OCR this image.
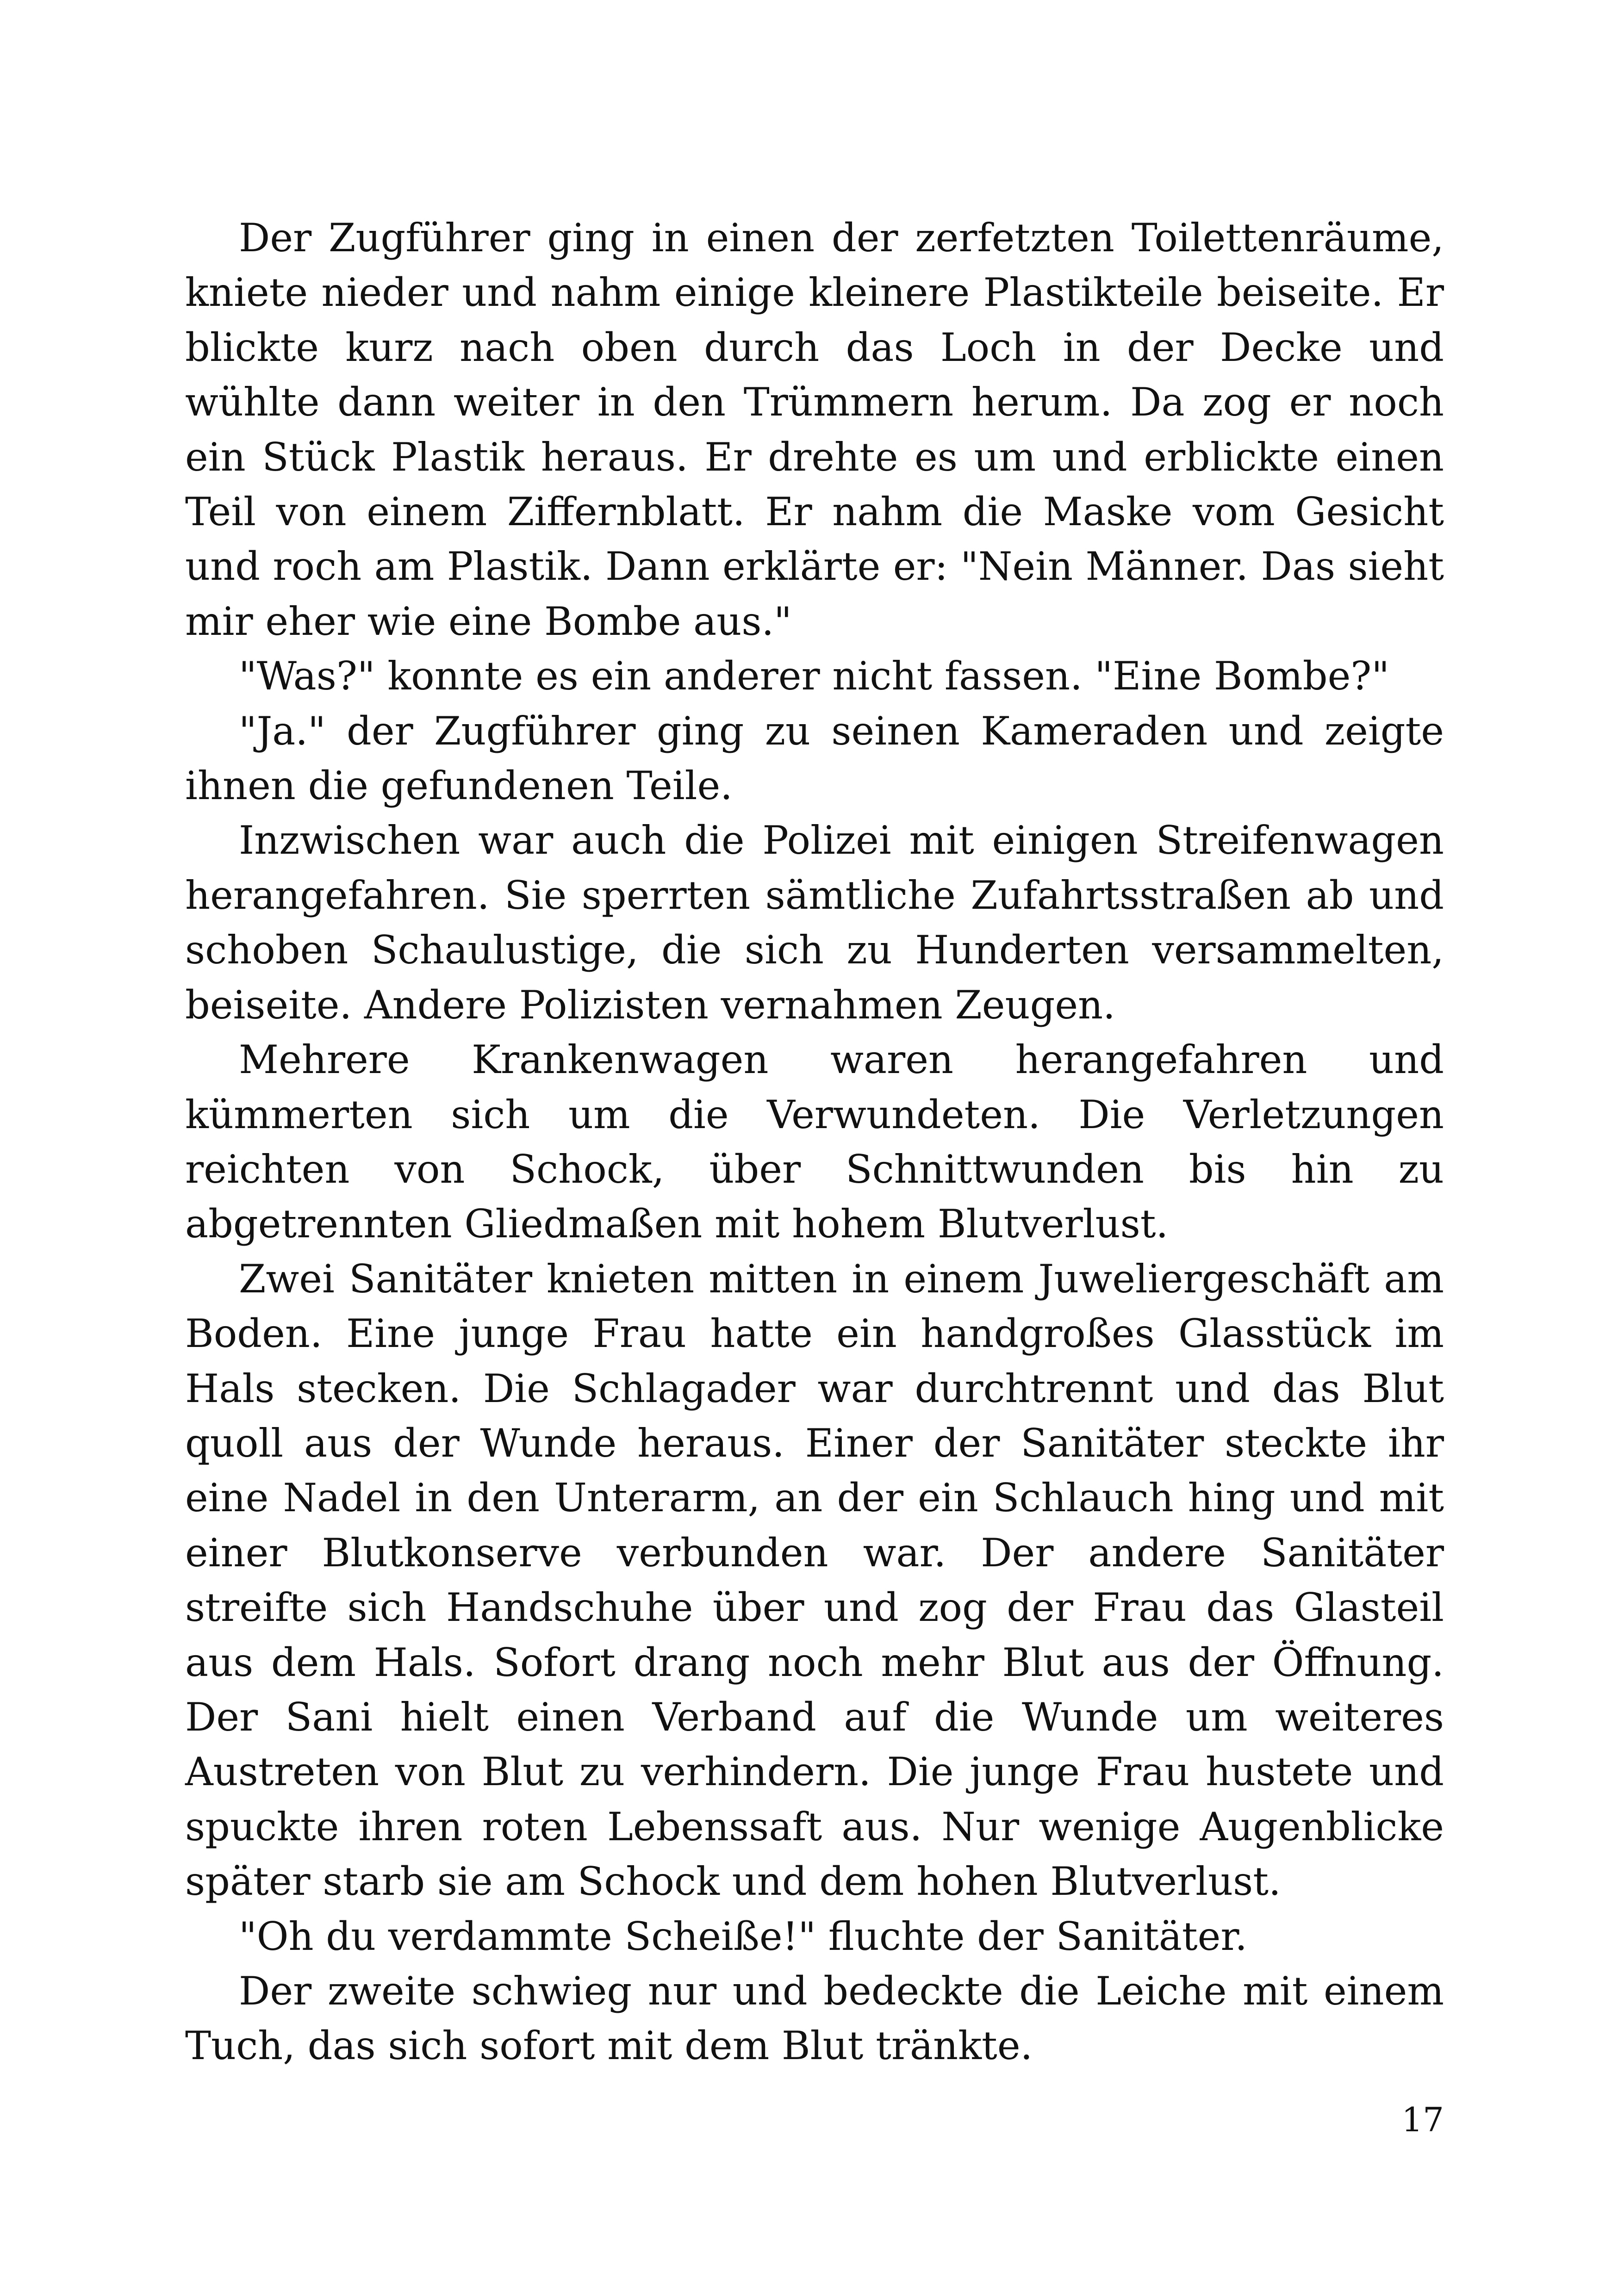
Der Zugführer ging in einen der zerfetzten Toilettenräume, kniete nieder und nahm einige kleinere Plastikteile beiseite. Er blickte kurz nach oben durch das Loch in der Decke und wühlte dann weiter in den Trümmern herum. Da zog er noch ein Stück Plastik heraus. Er drehte es um und erblickte einen Teil von einem Ziffernblatt. Er nahm die Maske vom Gesicht und roch am Plastik. Dann erklärte er: "Nein Männer. Das sieht mir eher wie eine Bombe aus."

"Was?" konnte es ein anderer nicht fassen. "Eine Bombe?"

"Ja." der Zugführer ging zu seinen Kameraden und zeigte ihnen die gefundenen Teile.

Inzwischen war auch die Polizei mit einigen Streifenwagen herangefahren. Sie sperrten sämtliche Zufahrtsstraßen ab und schoben Schaulustige, die sich zu Hunderten versammelten, beiseite. Andere Polizisten vernahmen Zeugen.

Mehrere Krankenwagen waren herangefahren und kümmerten sich um die Verwundeten. Die Verletzungen reichten von Schock, über Schnittwunden bis hin zu abgetrennten Gliedmaßen mit hohem Blutverlust.

Zwei Sanitäter knieten mitten in einem Juweliergeschäft am Boden. Eine junge Frau hatte ein handgroßes Glasstück im Hals stecken. Die Schlagader war durchtrennt und das Blut quoll aus der Wunde heraus. Einer der Sanitäter steckte ihr eine Nadel in den Unterarm, an der ein Schlauch hing und mit einer Blutkonserve verbunden war. Der andere Sanitäter streifte sich Handschuhe über und zog der Frau das Glasteil aus dem Hals. Sofort drang noch mehr Blut aus der Öffnung. Der Sani hielt einen Verband auf die Wunde um weiteres Austreten von Blut zu verhindern. Die junge Frau hustete und spuckte ihren roten Lebenssaft aus. Nur wenige Augenblicke später starb sie am Schock und dem hohen Blutverlust.

"Oh du verdammte Scheiße!" fluchte der Sanitäter.

Der zweite schwieg nur und bedeckte die Leiche mit einem Tuch, das sich sofort mit dem Blut tränkte.

17
